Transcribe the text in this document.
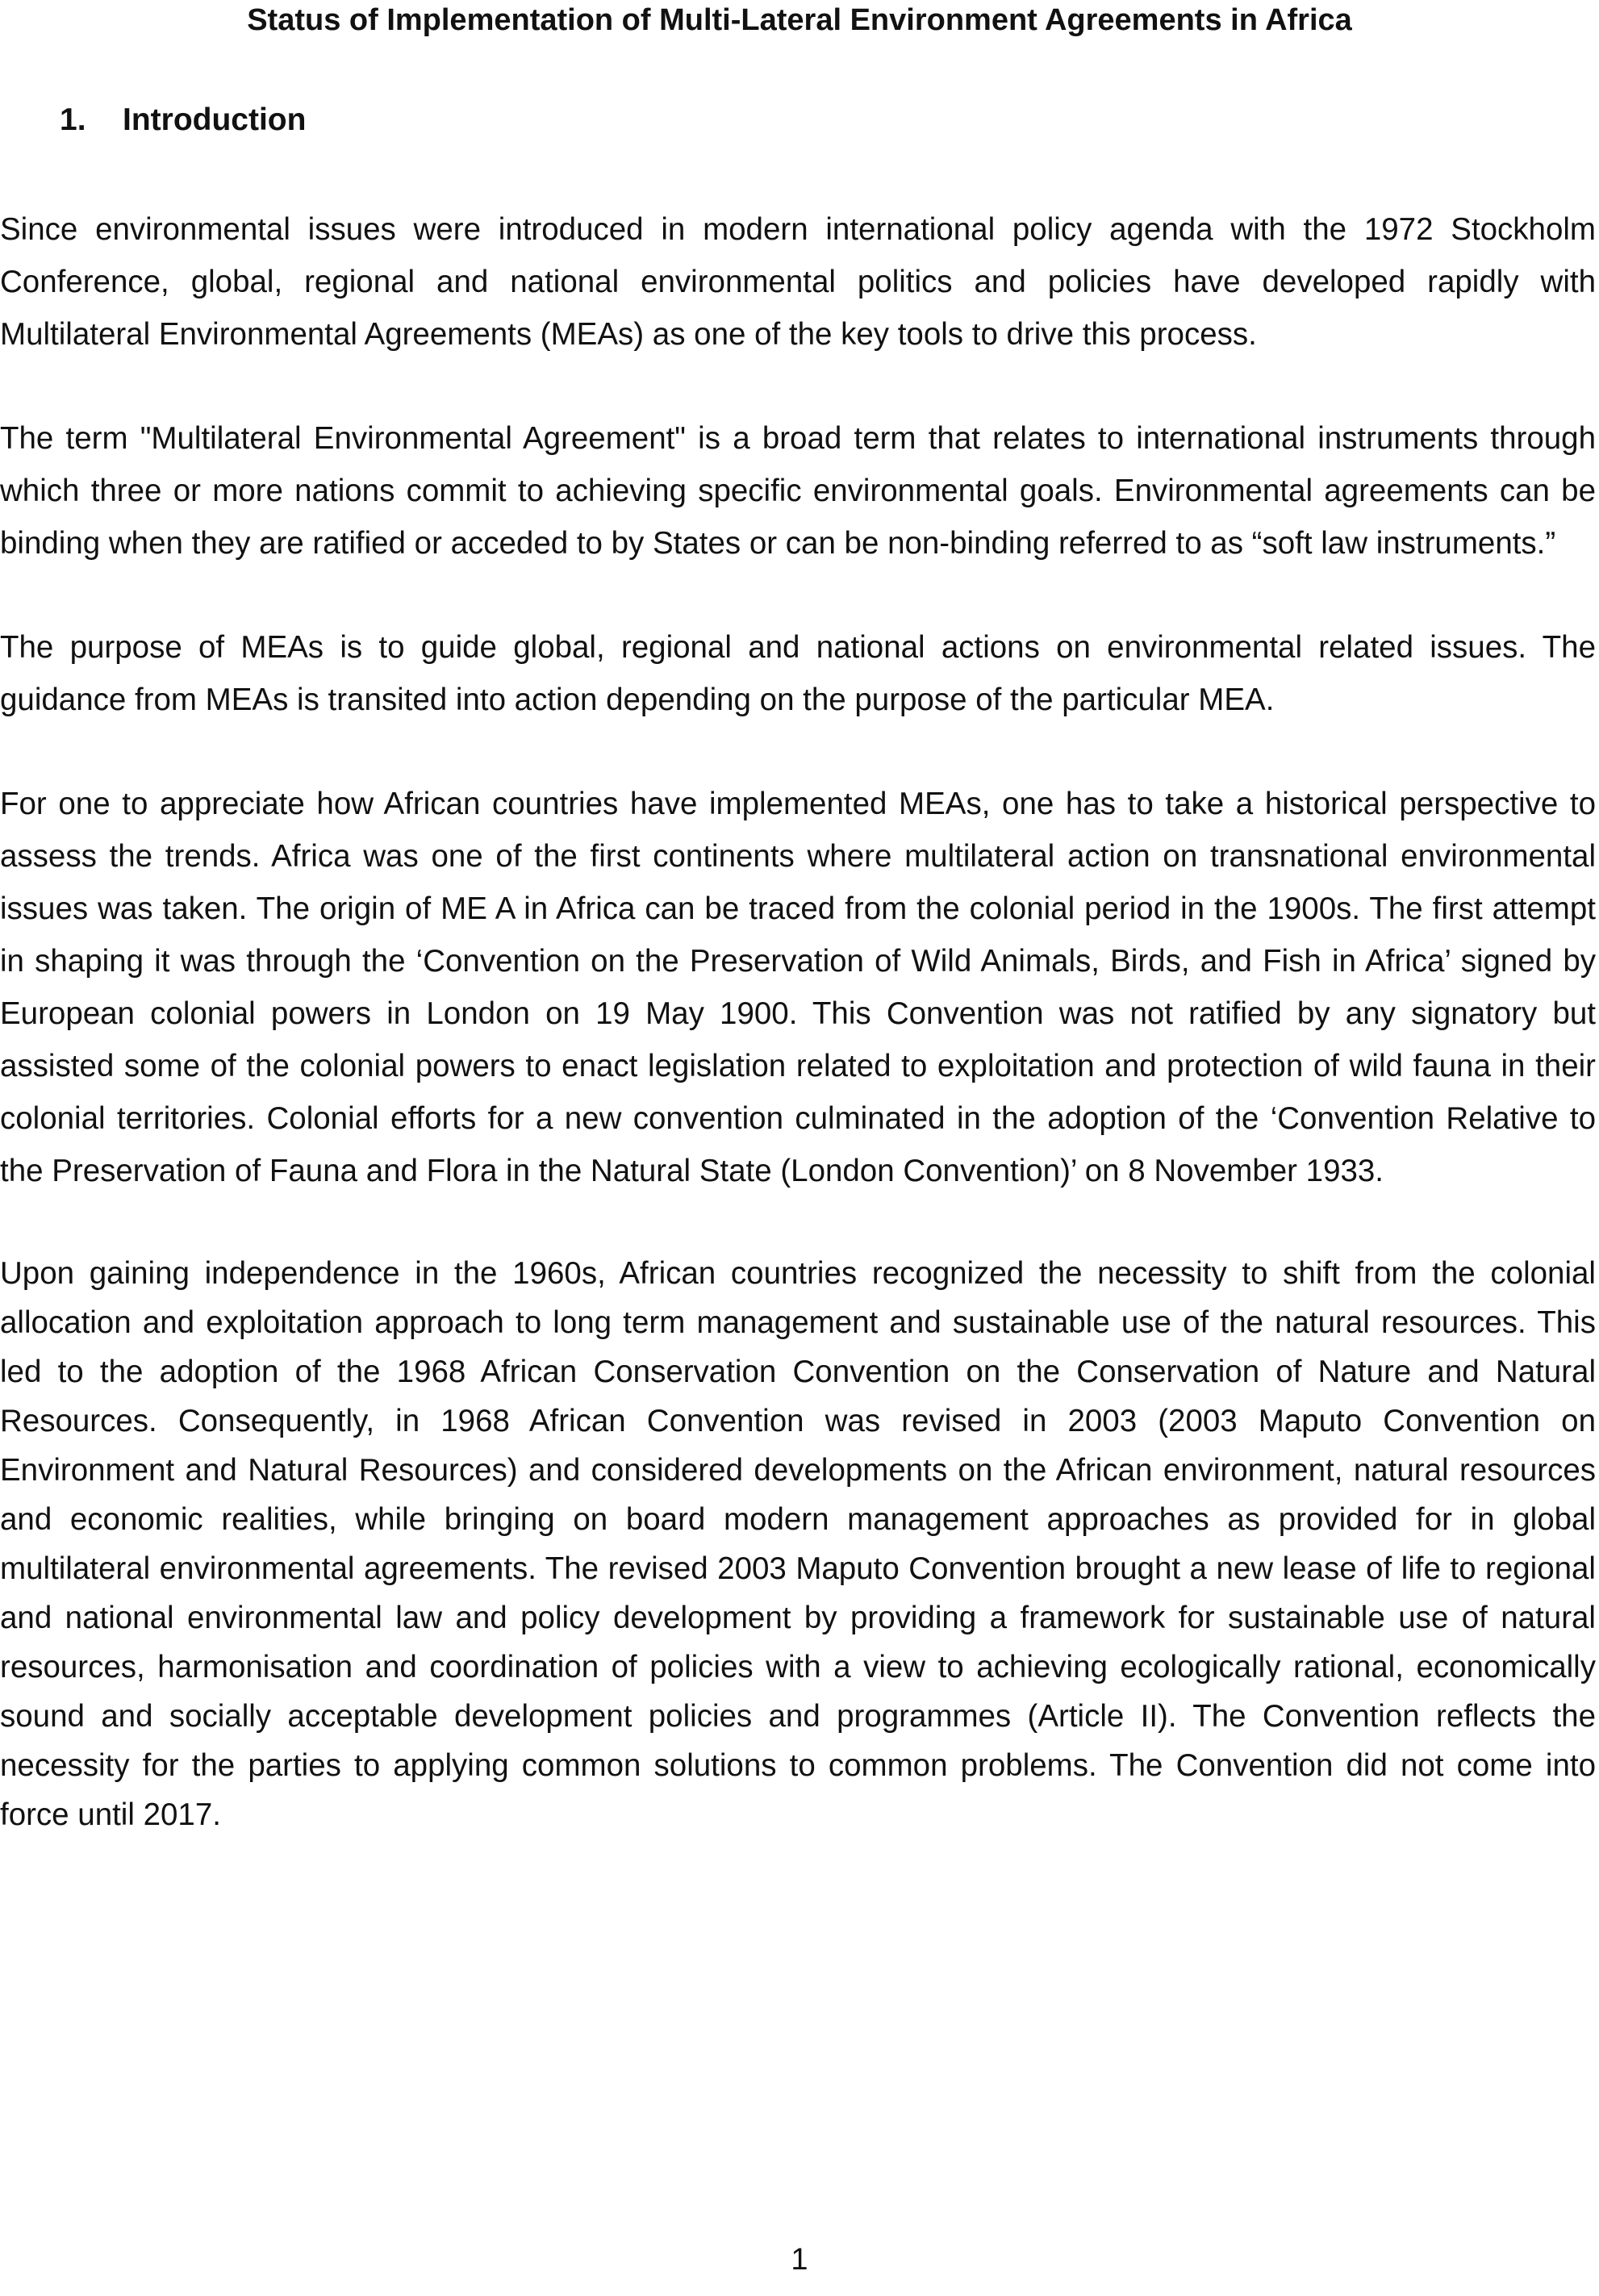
Status of Implementation of Multi-Lateral Environment Agreements in Africa
1. Introduction

Since environmental issues were introduced in modern international policy agenda with the 1972 Stockholm Conference, global, regional and national environmental politics and policies have developed rapidly with Multilateral Environmental Agreements (MEAs) as one of the key tools to drive this process.

The term "Multilateral Environmental Agreement" is a broad term that relates to international instruments through which three or more nations commit to achieving specific environmental goals. Environmental agreements can be binding when they are ratified or acceded to by States or can be non-binding referred to as “soft law instruments.”

The purpose of MEAs is to guide global, regional and national actions on environmental related issues. The guidance from MEAs is transited into action depending on the purpose of the particular MEA.

For one to appreciate how African countries have implemented MEAs, one has to take a historical perspective to assess the trends. Africa was one of the first continents where multilateral action on transnational environmental issues was taken. The origin of ME A in Africa can be traced from the colonial period in the 1900s. The first attempt in shaping it was through the ‘Convention on the Preservation of Wild Animals, Birds, and Fish in Africa’ signed by European colonial powers in London on 19 May 1900. This Convention was not ratified by any signatory but assisted some of the colonial powers to enact legislation related to exploitation and protection of wild fauna in their colonial territories. Colonial efforts for a new convention culminated in the adoption of the ‘Convention Relative to the Preservation of Fauna and Flora in the Natural State (London Convention)’ on 8 November 1933.

Upon gaining independence in the 1960s, African countries recognized the necessity to shift from the colonial allocation and exploitation approach to long term management and sustainable use of the natural resources. This led to the adoption of the 1968 African Conservation Convention on the Conservation of Nature and Natural Resources. Consequently, in 1968 African Convention was revised in 2003 (2003 Maputo Convention on Environment and Natural Resources) and considered developments on the African environment, natural resources and economic realities, while bringing on board modern management approaches as provided for in global multilateral environmental agreements. The revised 2003 Maputo Convention brought a new lease of life to regional and national environmental law and policy development by providing a framework for sustainable use of natural resources, harmonisation and coordination of policies with a view to achieving ecologically rational, economically sound and socially acceptable development policies and programmes (Article II). The Convention reflects the necessity for the parties to applying common solutions to common problems. The Convention did not come into force until 2017.

1
